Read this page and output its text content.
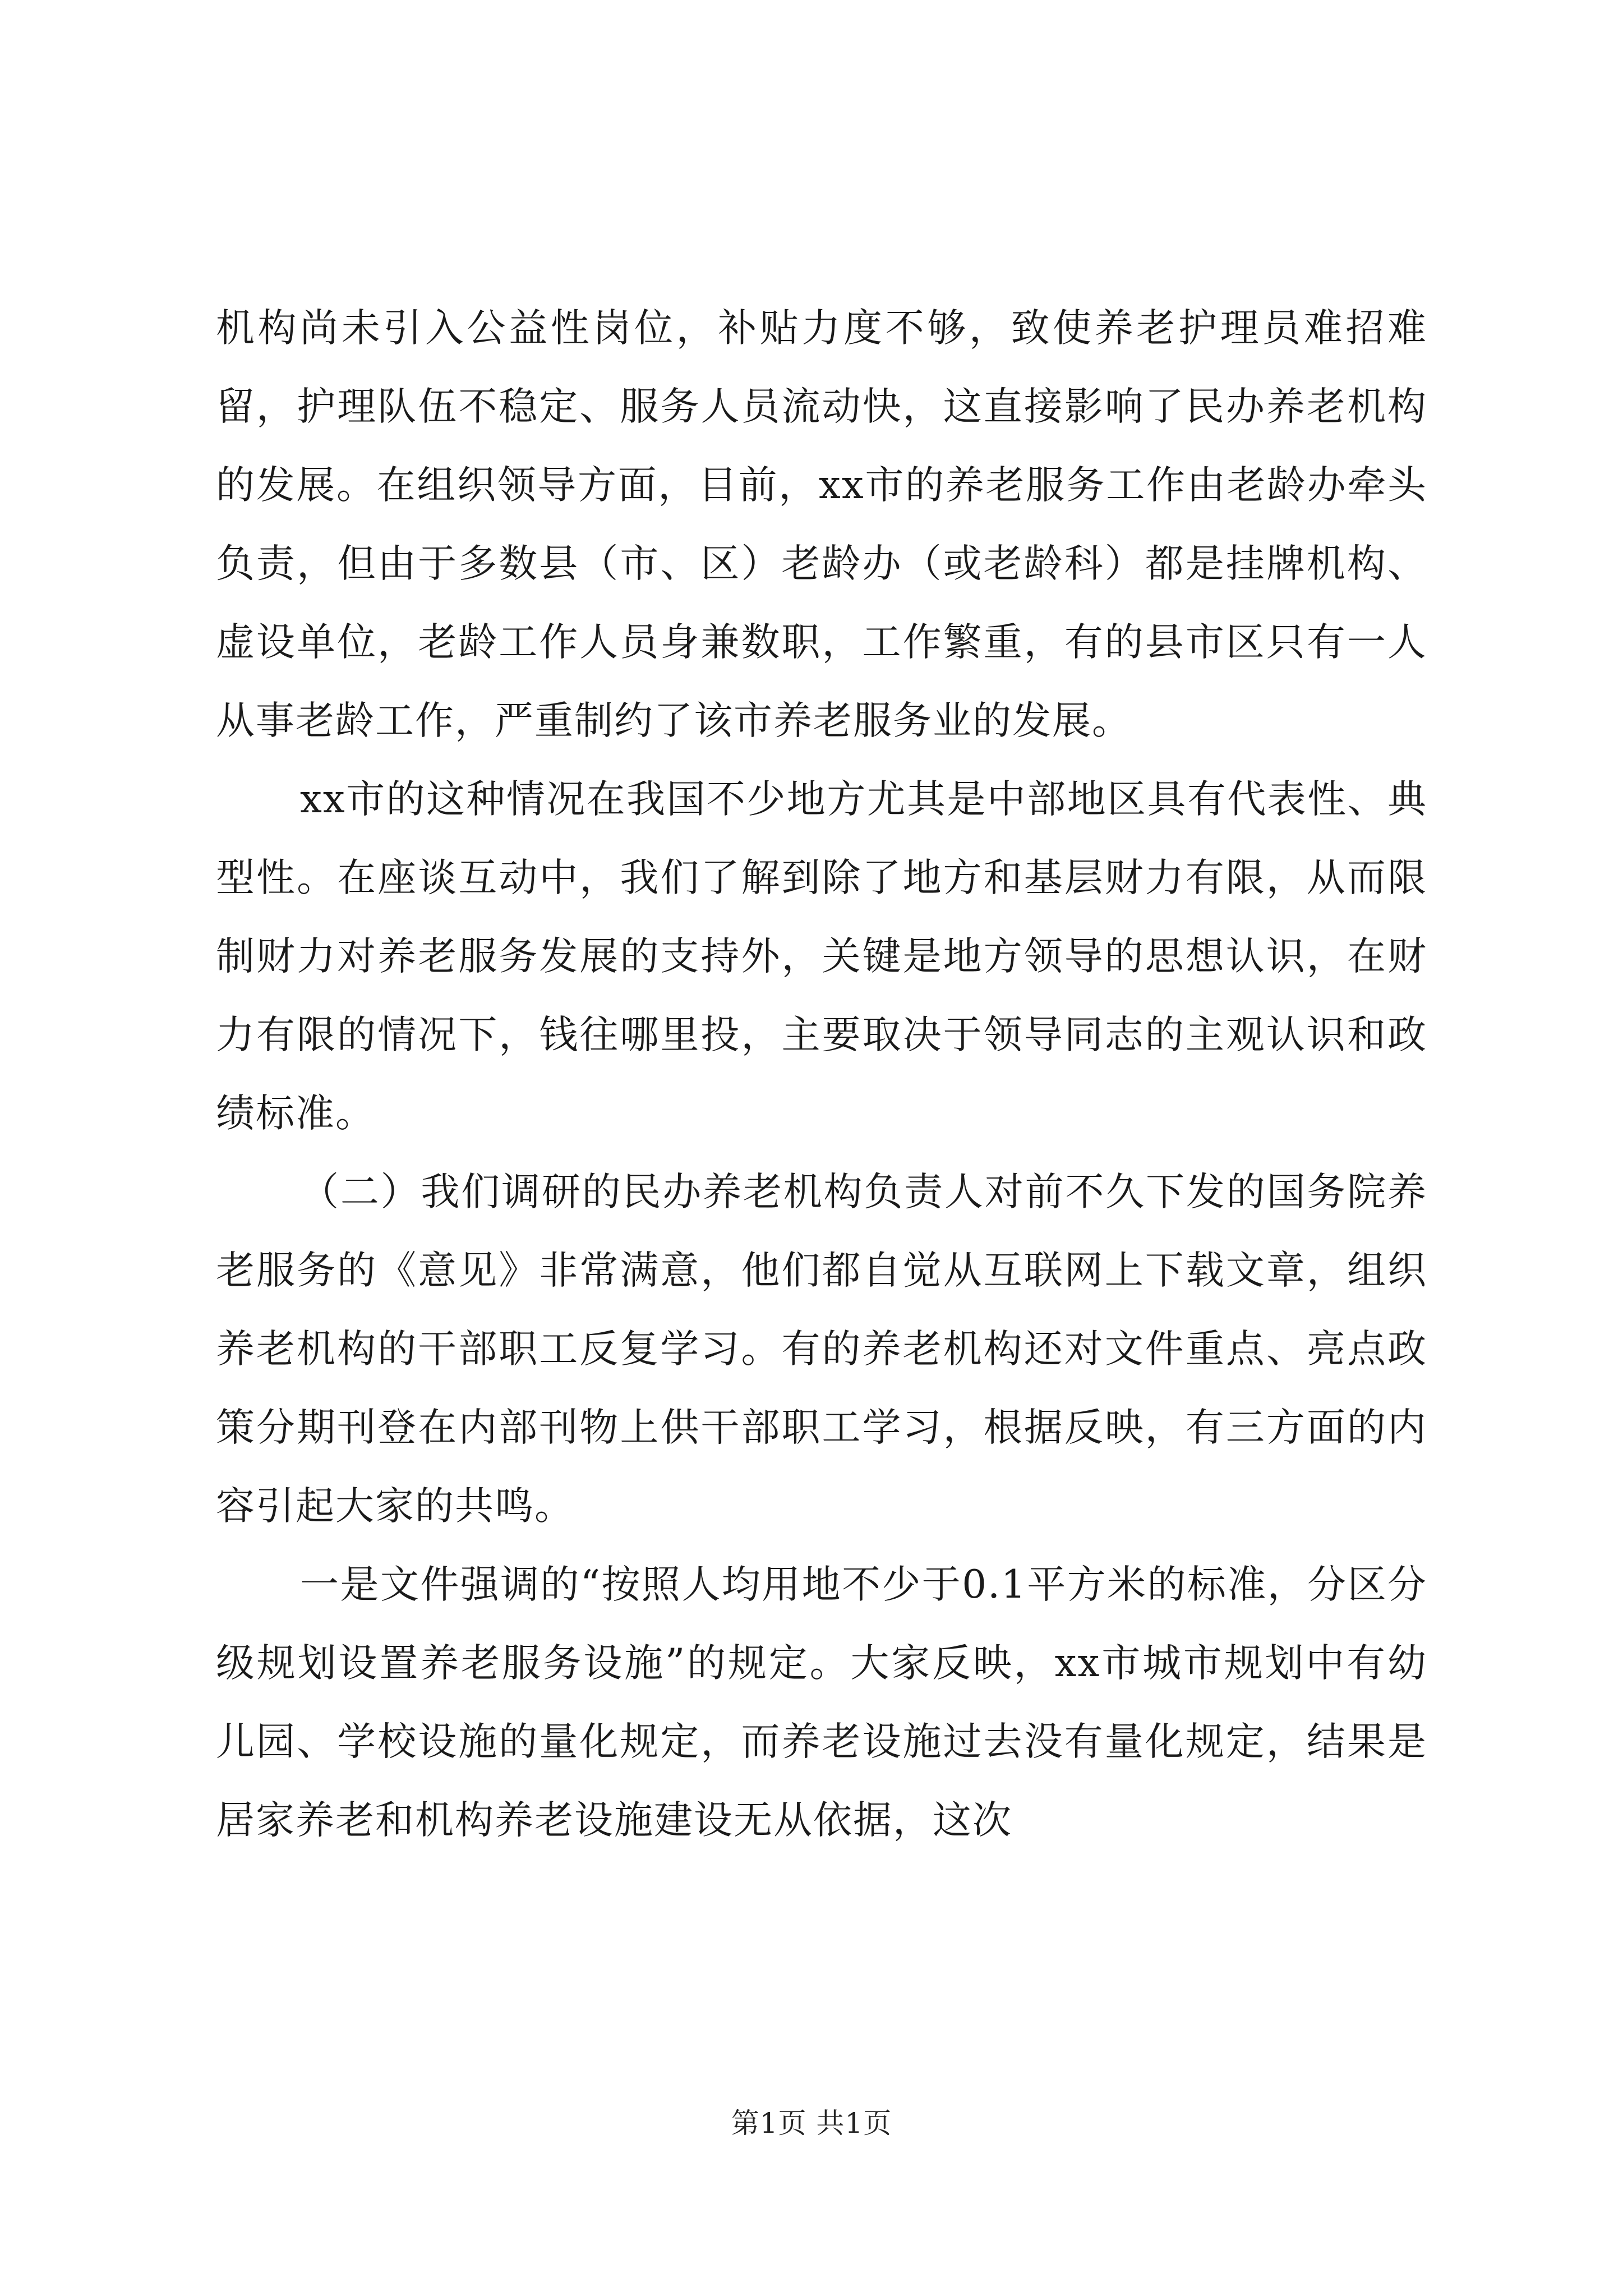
机构尚未引入公益性岗位，补贴力度不够，致使养老护理员难招难留，护理队伍不稳定、服务人员流动快，这直接影响了民办养老机构的发展。在组织领导方面，目前，xx市的养老服务工作由老龄办牵头负责，但由于多数县（市、区）老龄办（或老龄科）都是挂牌机构、虚设单位，老龄工作人员身兼数职，工作繁重，有的县市区只有一人从事老龄工作，严重制约了该市养老服务业的发展。

xx市的这种情况在我国不少地方尤其是中部地区具有代表性、典型性。在座谈互动中，我们了解到除了地方和基层财力有限，从而限制财力对养老服务发展的支持外，关键是地方领导的思想认识，在财力有限的情况下，钱往哪里投，主要取决于领导同志的主观认识和政绩标准。

（二）我们调研的民办养老机构负责人对前不久下发的国务院养老服务的《意见》非常满意，他们都自觉从互联网上下载文章，组织养老机构的干部职工反复学习。有的养老机构还对文件重点、亮点政策分期刊登在内部刊物上供干部职工学习，根据反映，有三方面的内容引起大家的共鸣。

一是文件强调的“按照人均用地不少于0.1平方米的标准，分区分级规划设置养老服务设施”的规定。大家反映，xx市城市规划中有幼儿园、学校设施的量化规定，而养老设施过去没有量化规定，结果是居家养老和机构养老设施建设无从依据，这次

第1页 共1页
